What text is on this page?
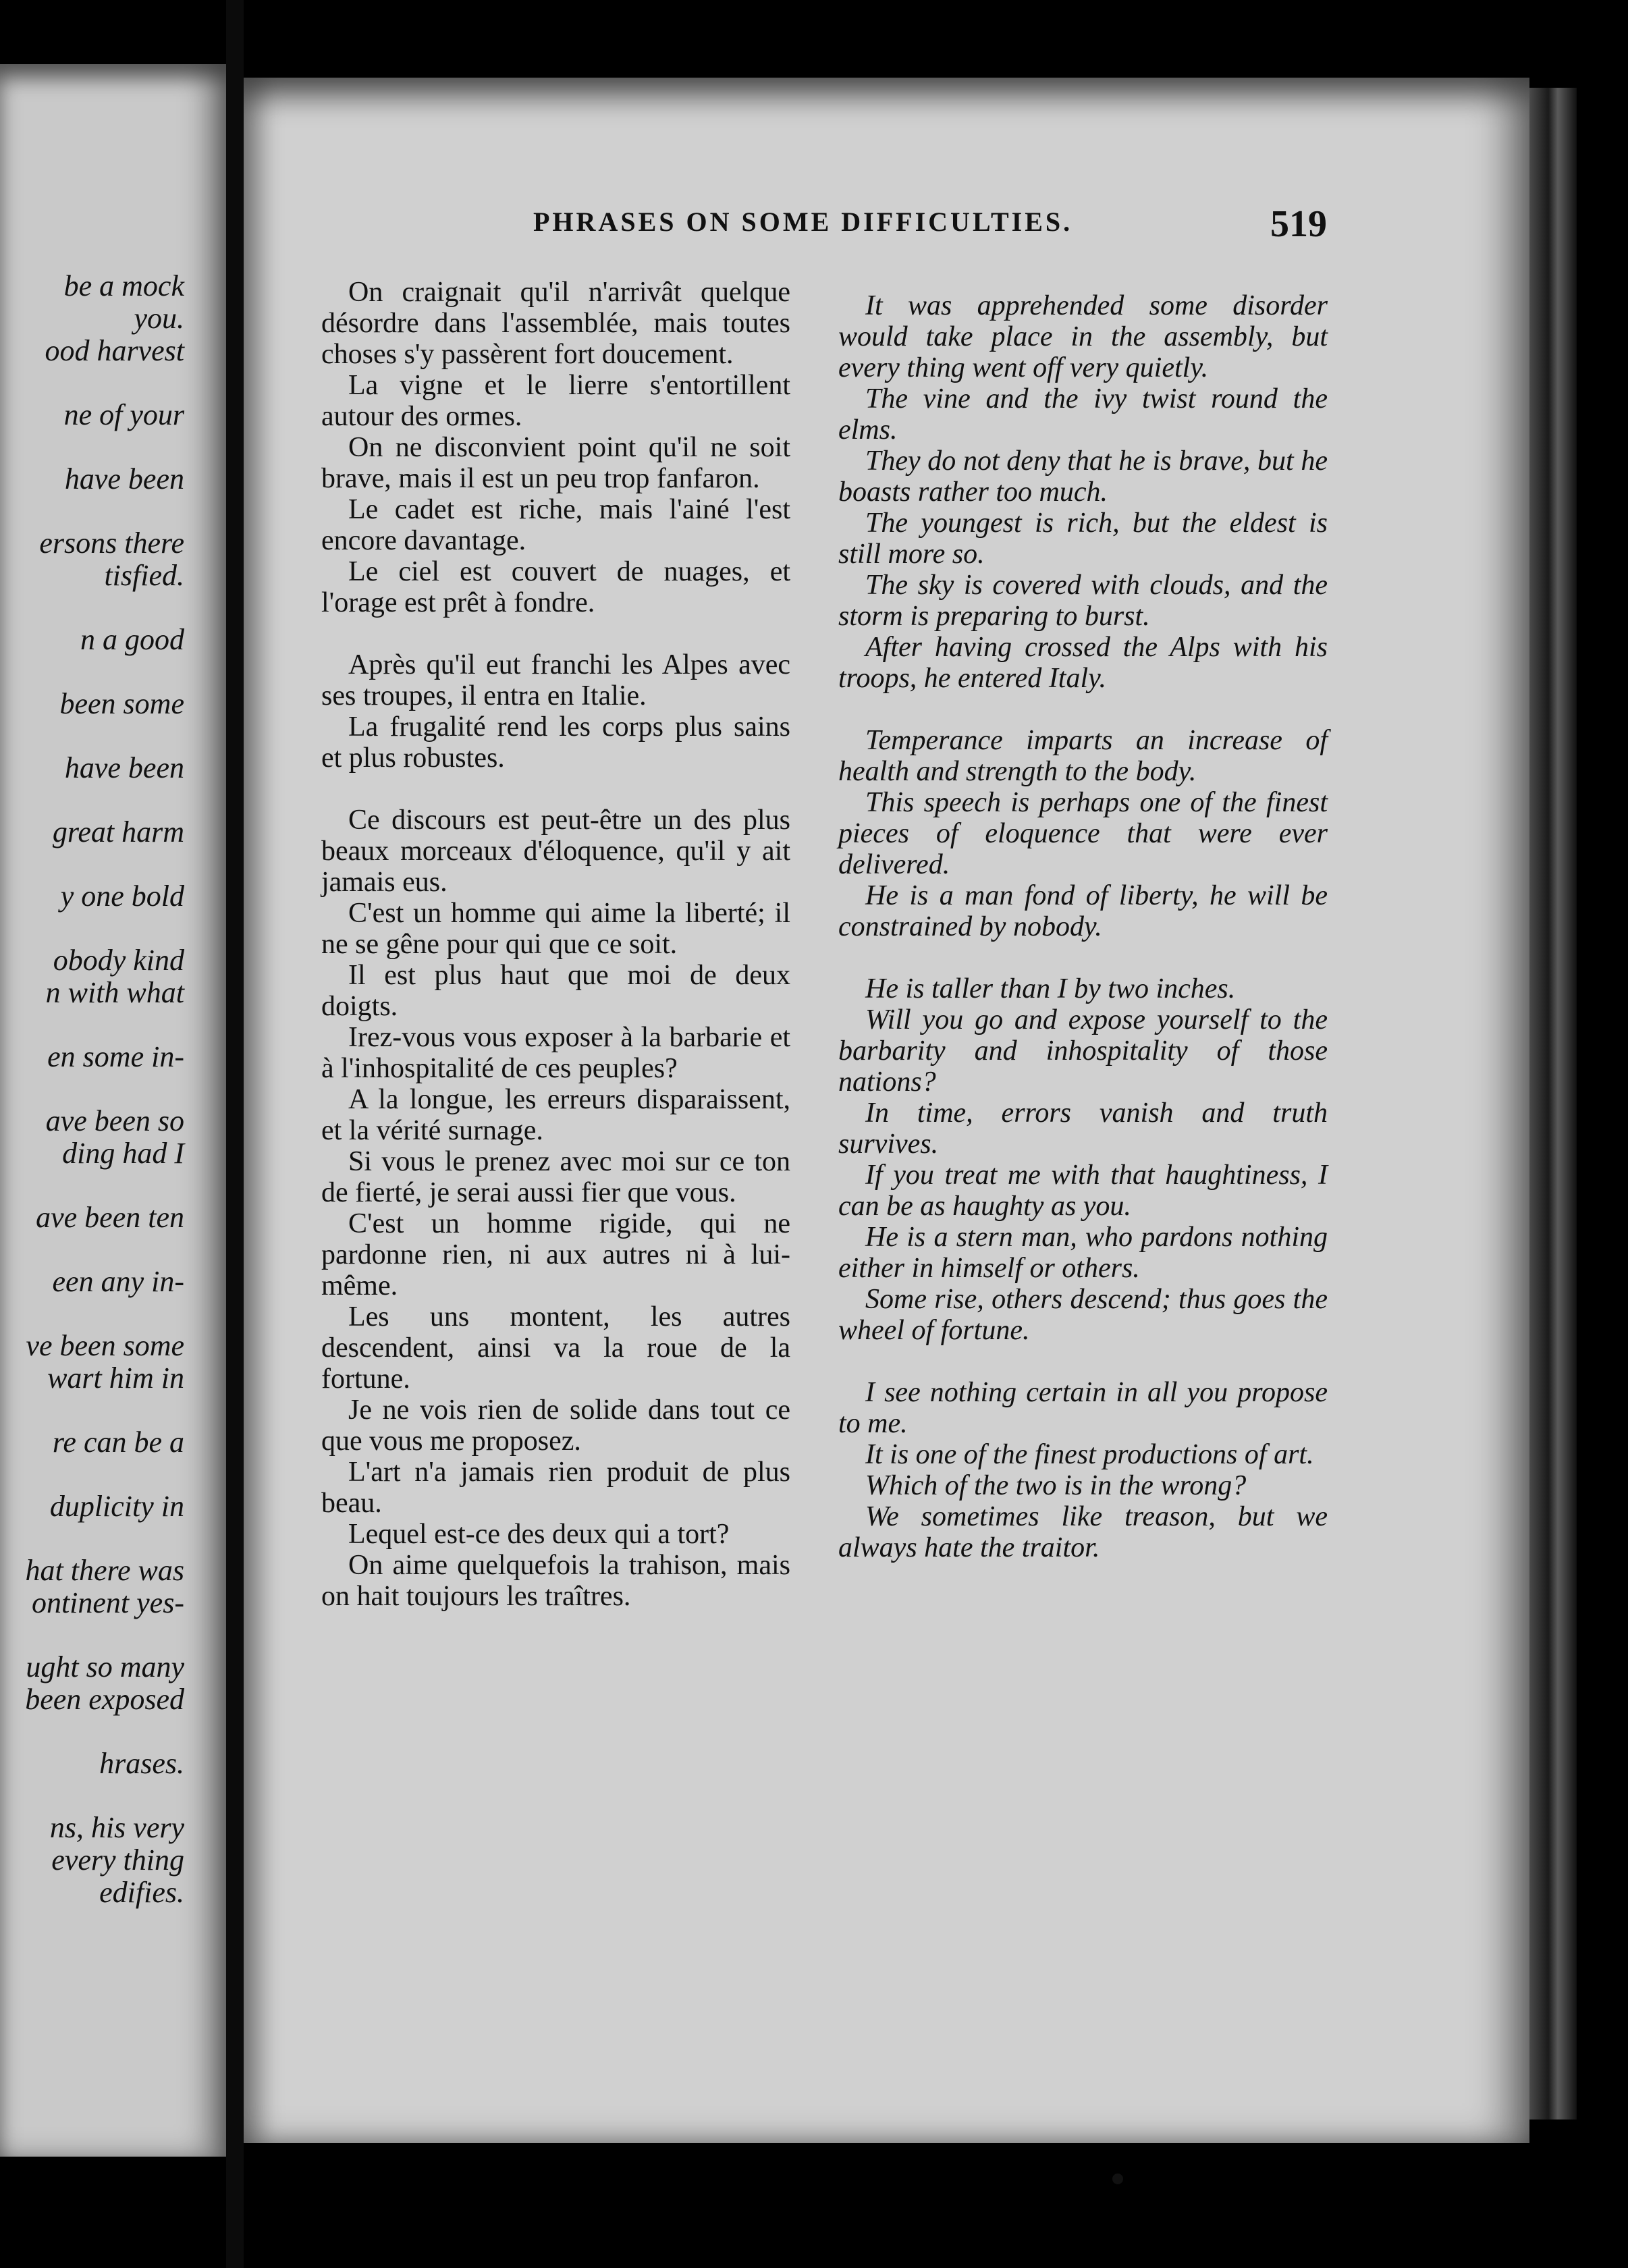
be a mock

you.

ood harvest

ne of your

have been

ersons there

tisfied.

n a good

been some

have been

great harm

y one bold

obody kind

n with what

en some in-

ave been so

ding had I

ave been ten

een any in-

ve been some

wart him in

re can be a

duplicity in

hat there was

ontinent yes-

ught so many

been exposed

hrases.

ns, his very

every thing

edifies.

PHRASES ON SOME DIFFICULTIES.	519

On craignait qu'il n'arrivât quelque désordre dans l'assemblée, mais toutes choses s'y passèrent fort doucement.

La vigne et le lierre s'entortillent autour des ormes.

On ne disconvient point qu'il ne soit brave, mais il est un peu trop fanfaron.

Le cadet est riche, mais l'ainé l'est encore davantage.

Le ciel est couvert de nuages, et l'orage est prêt à fondre.

Après qu'il eut franchi les Alpes avec ses troupes, il entra en Italie.

La frugalité rend les corps plus sains et plus robustes.

Ce discours est peut-être un des plus beaux morceaux d'éloquence, qu'il y ait jamais eus.

C'est un homme qui aime la liberté; il ne se gêne pour qui que ce soit.

Il est plus haut que moi de deux doigts.

Irez-vous vous exposer à la barbarie et à l'inhospitalité de ces peuples?

A la longue, les erreurs disparaissent, et la vérité surnage.

Si vous le prenez avec moi sur ce ton de fierté, je serai aussi fier que vous.

C'est un homme rigide, qui ne pardonne rien, ni aux autres ni à lui-même.

Les uns montent, les autres descendent, ainsi va la roue de la fortune.

Je ne vois rien de solide dans tout ce que vous me proposez.

L'art n'a jamais rien produit de plus beau.

Lequel est-ce des deux qui a tort?

On aime quelquefois la trahison, mais on hait toujours les traîtres.

It was apprehended some disorder would take place in the assembly, but every thing went off very quietly.

The vine and the ivy twist round the elms.

They do not deny that he is brave, but he boasts rather too much.

The youngest is rich, but the eldest is still more so.

The sky is covered with clouds, and the storm is preparing to burst.

After having crossed the Alps with his troops, he entered Italy.

Temperance imparts an increase of health and strength to the body.

This speech is perhaps one of the finest pieces of eloquence that were ever delivered.

He is a man fond of liberty, he will be constrained by nobody.

He is taller than I by two inches.

Will you go and expose yourself to the barbarity and inhospitality of those nations?

In time, errors vanish and truth survives.

If you treat me with that haughtiness, I can be as haughty as you.

He is a stern man, who pardons nothing either in himself or others.

Some rise, others descend; thus goes the wheel of fortune.

I see nothing certain in all you propose to me.

It is one of the finest productions of art.

Which of the two is in the wrong?

We sometimes like treason, but we always hate the traitor.
